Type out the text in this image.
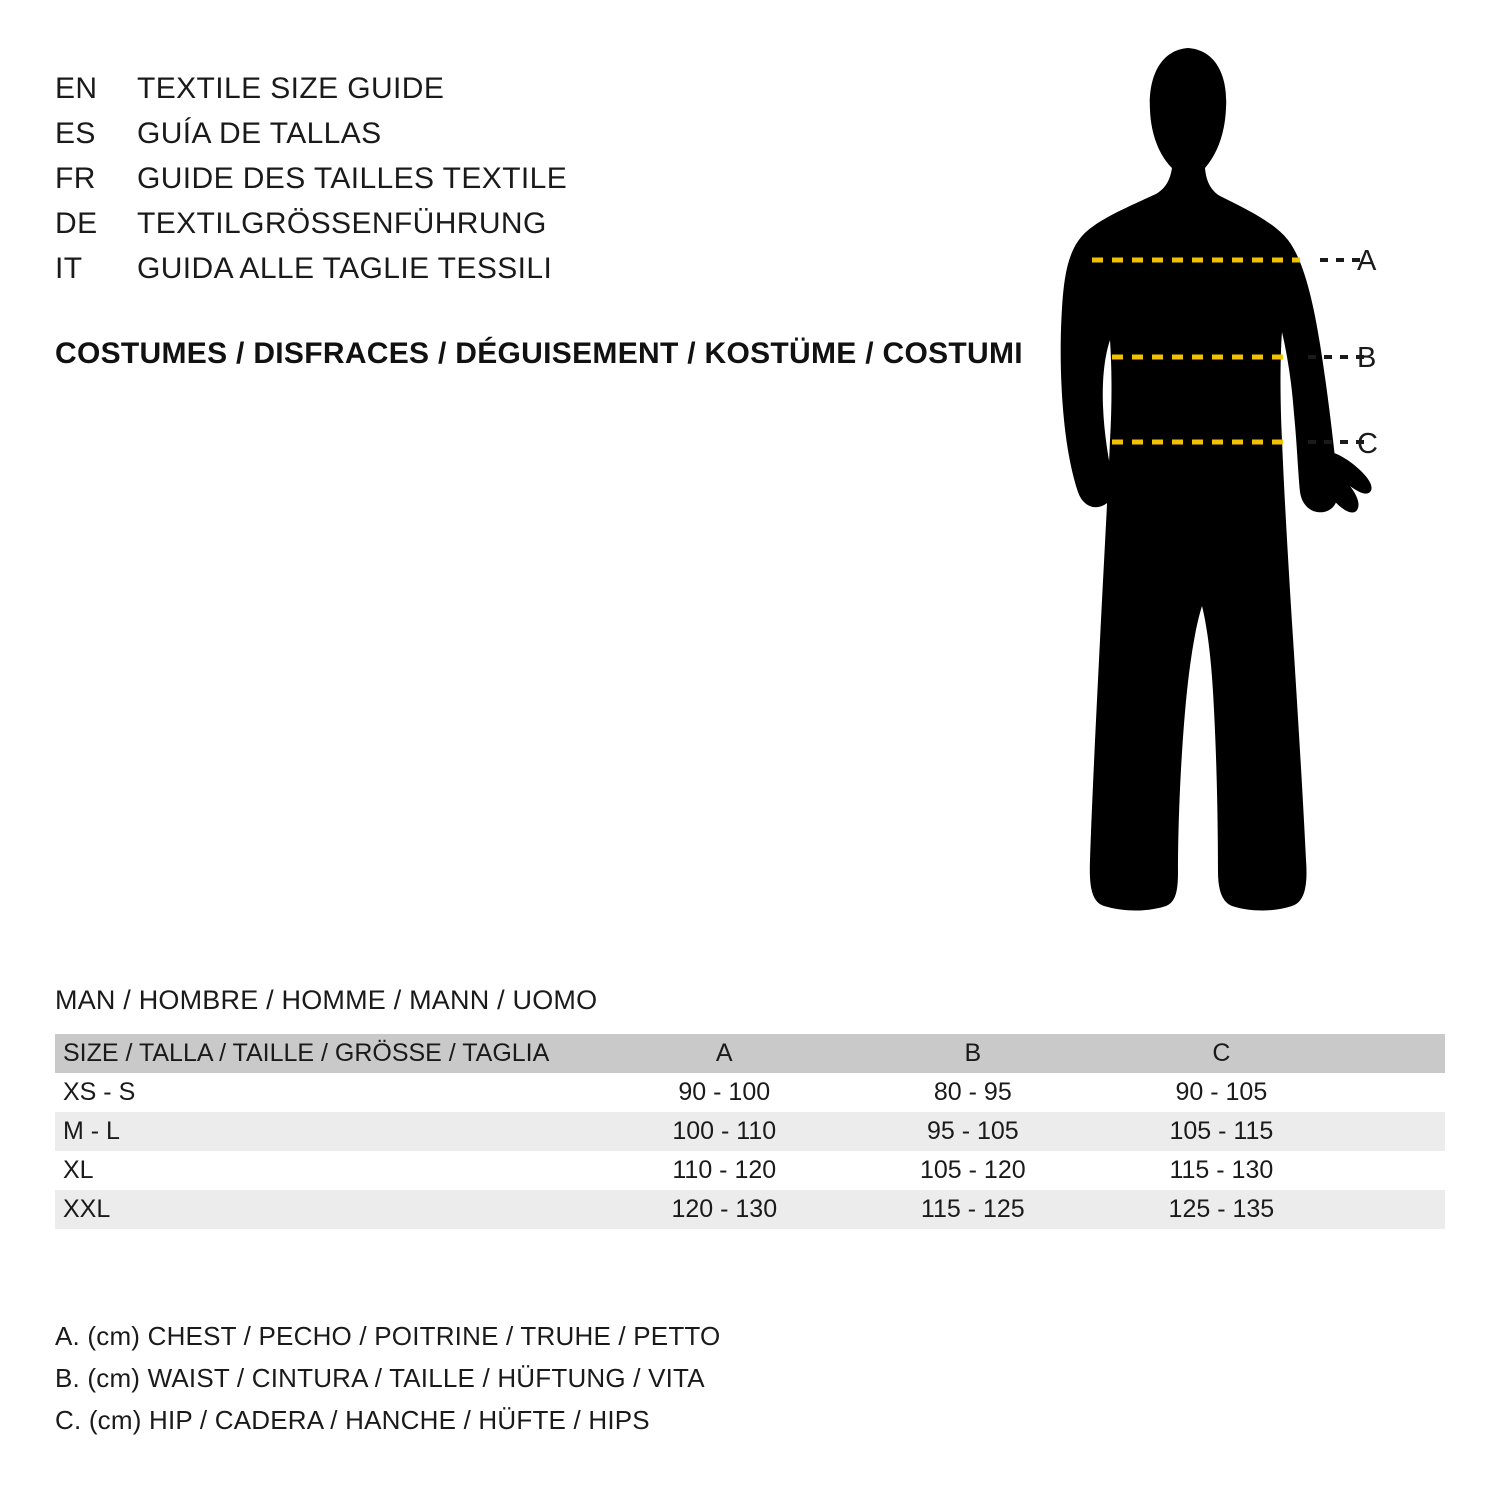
EN	TEXTILE SIZE GUIDE
ES	GUÍA DE TALLAS
FR	GUIDE DES TAILLES TEXTILE
DE	TEXTILGRÖSSENFÜHRUNG
IT	GUIDA ALLE TAGLIE TESSILI
COSTUMES / DISFRACES / DÉGUISEMENT / KOSTÜME / COSTUMI
A
B
C
MAN / HOMBRE / HOMME / MANN / UOMO
SIZE / TALLA / TAILLE / GRÖSSE / TAGLIA	A	B	C	
XS - S	90 - 100	80 - 95	90 - 105	
M - L	100 - 110	95 - 105	105 - 115	
XL	110 - 120	105 - 120	115 - 130	
XXL	120 - 130	115 - 125	125 - 135	
A. (cm) CHEST / PECHO / POITRINE / TRUHE / PETTO
B. (cm) WAIST / CINTURA / TAILLE / HÜFTUNG / VITA
C. (cm) HIP / CADERA / HANCHE / HÜFTE / HIPS
